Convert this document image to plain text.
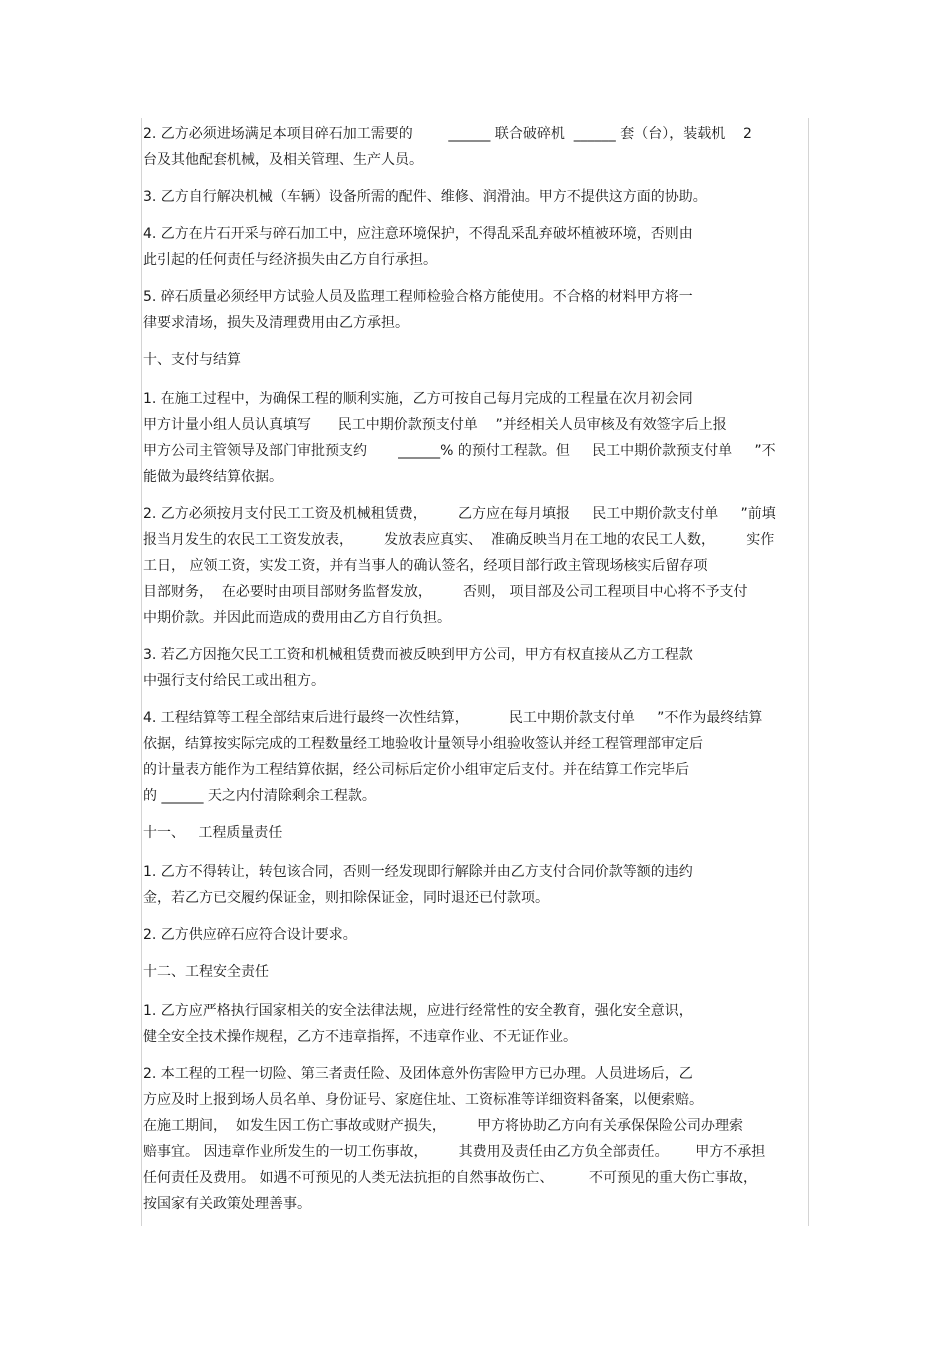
2. 乙方必须进场满足本项目碎石加工需要的        ______ 联合破碎机  ______ 套（台），装载机    2
台及其他配套机械，及相关管理、生产人员。
3. 乙方自行解决机械（车辆）设备所需的配件、维修、润滑油。甲方不提供这方面的协助。
4. 乙方在片石开采与碎石加工中，应注意环境保护，不得乱采乱弃破坏植被环境，否则由
此引起的任何责任与经济损失由乙方自行承担。
5. 碎石质量必须经甲方试验人员及监理工程师检验合格方能使用。不合格的材料甲方将一
律要求清场，损失及清理费用由乙方承担。
十、支付与结算
1. 在施工过程中，为确保工程的顺利实施，乙方可按自己每月完成的工程量在次月初会同
甲方计量小组人员认真填写      民工中期价款预支付单    ”并经相关人员审核及有效签字后上报
甲方公司主管领导及部门审批预支约       ______% 的预付工程款。但     民工中期价款预支付单     ”不
能做为最终结算依据。
2. 乙方必须按月支付民工工资及机械租赁费，       乙方应在每月填报     民工中期价款支付单     ”前填
报当月发生的农民工工资发放表，       发放表应真实、  准确反映当月在工地的农民工人数，       实作
工日， 应领工资，实发工资，并有当事人的确认签名，经项目部行政主管现场核实后留存项
目部财务，  在必要时由项目部财务监督发放，       否则， 项目部及公司工程项目中心将不予支付
中期价款。并因此而造成的费用由乙方自行负担。
3. 若乙方因拖欠民工工资和机械租赁费而被反映到甲方公司，甲方有权直接从乙方工程款
中强行支付给民工或出租方。
4. 工程结算等工程全部结束后进行最终一次性结算，         民工中期价款支付单     ”不作为最终结算
依据，结算按实际完成的工程数量经工地验收计量领导小组验收签认并经工程管理部审定后
的计量表方能作为工程结算依据，经公司标后定价小组审定后支付。并在结算工作完毕后
的 ______ 天之内付清除剩余工程款。
十一、   工程质量责任
1. 乙方不得转让，转包该合同，否则一经发现即行解除并由乙方支付合同价款等额的违约
金，若乙方已交履约保证金，则扣除保证金，同时退还已付款项。
2. 乙方供应碎石应符合设计要求。
十二、工程安全责任
1. 乙方应严格执行国家相关的安全法律法规，应进行经常性的安全教育，强化安全意识，
健全安全技术操作规程，乙方不违章指挥，不违章作业、不无证作业。
2. 本工程的工程一切险、第三者责任险、及团体意外伤害险甲方已办理。人员进场后，乙
方应及时上报到场人员名单、身份证号、家庭住址、工资标准等详细资料备案，以便索赔。
在施工期间，  如发生因工伤亡事故或财产损失，       甲方将协助乙方向有关承保保险公司办理索
赔事宜。 因违章作业所发生的一切工伤事故，       其费用及责任由乙方负全部责任。      甲方不承担
任何责任及费用。 如遇不可预见的人类无法抗拒的自然事故伤亡、        不可预见的重大伤亡事故，
按国家有关政策处理善事。
